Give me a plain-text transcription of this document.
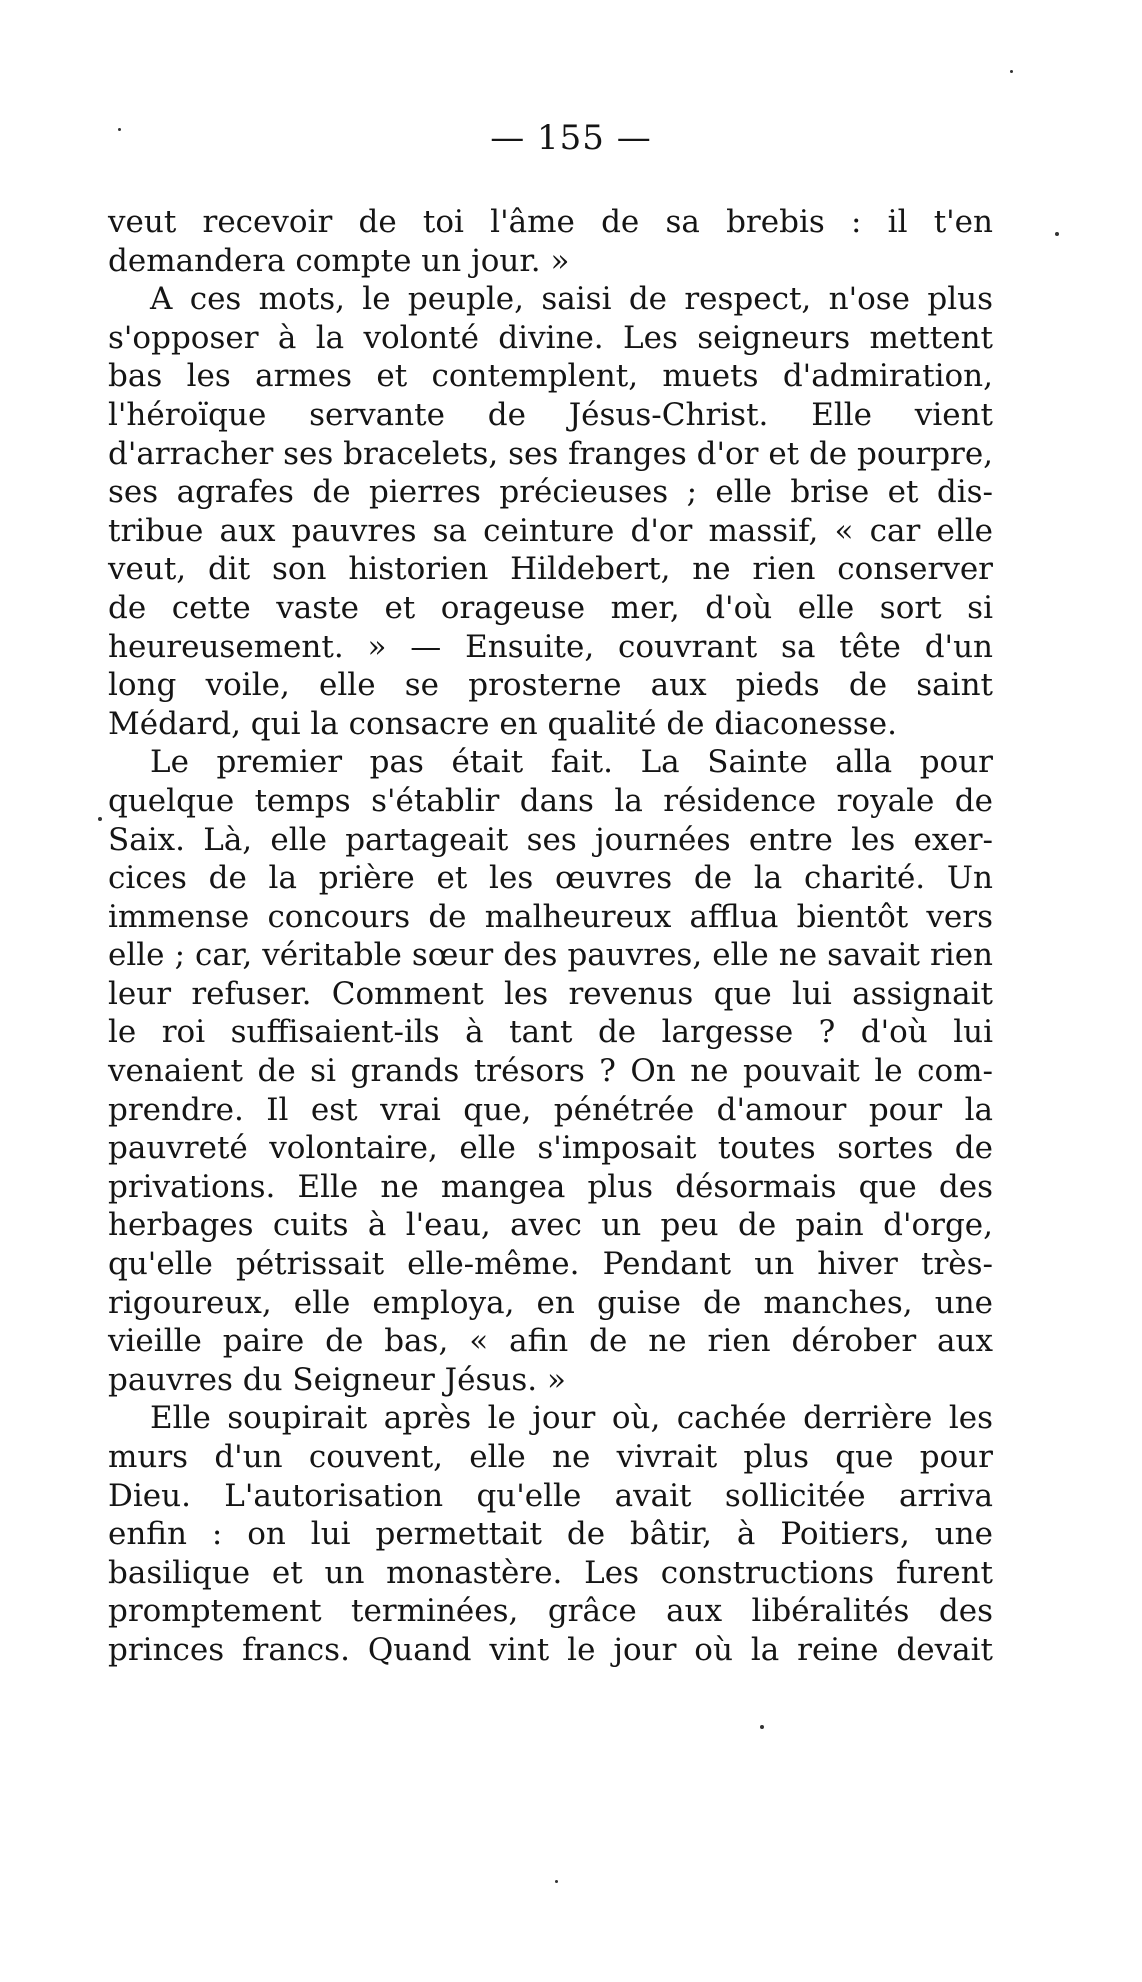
— 155 —
veut recevoir de toi l'âme de sa brebis : il t'en
demandera compte un jour. »
A ces mots, le peuple, saisi de respect, n'ose plus
s'opposer à la volonté divine. Les seigneurs mettent
bas les armes et contemplent, muets d'admiration,
l'héroïque servante de Jésus-Christ. Elle vient
d'arracher ses bracelets, ses franges d'or et de pourpre,
ses agrafes de pierres précieuses ; elle brise et dis-
tribue aux pauvres sa ceinture d'or massif, « car elle
veut, dit son historien Hildebert, ne rien conserver
de cette vaste et orageuse mer, d'où elle sort si
heureusement. » — Ensuite, couvrant sa tête d'un
long voile, elle se prosterne aux pieds de saint
Médard, qui la consacre en qualité de diaconesse.
Le premier pas était fait. La Sainte alla pour
quelque temps s'établir dans la résidence royale de
Saix. Là, elle partageait ses journées entre les exer-
cices de la prière et les œuvres de la charité. Un
immense concours de malheureux afflua bientôt vers
elle ; car, véritable sœur des pauvres, elle ne savait rien
leur refuser. Comment les revenus que lui assignait
le roi suffisaient-ils à tant de largesse ? d'où lui
venaient de si grands trésors ? On ne pouvait le com-
prendre. Il est vrai que, pénétrée d'amour pour la
pauvreté volontaire, elle s'imposait toutes sortes de
privations. Elle ne mangea plus désormais que des
herbages cuits à l'eau, avec un peu de pain d'orge,
qu'elle pétrissait elle-même. Pendant un hiver très-
rigoureux, elle employa, en guise de manches, une
vieille paire de bas, « afin de ne rien dérober aux
pauvres du Seigneur Jésus. »
Elle soupirait après le jour où, cachée derrière les
murs d'un couvent, elle ne vivrait plus que pour
Dieu. L'autorisation qu'elle avait sollicitée arriva
enfin : on lui permettait de bâtir, à Poitiers, une
basilique et un monastère. Les constructions furent
promptement terminées, grâce aux libéralités des
princes francs. Quand vint le jour où la reine devait
